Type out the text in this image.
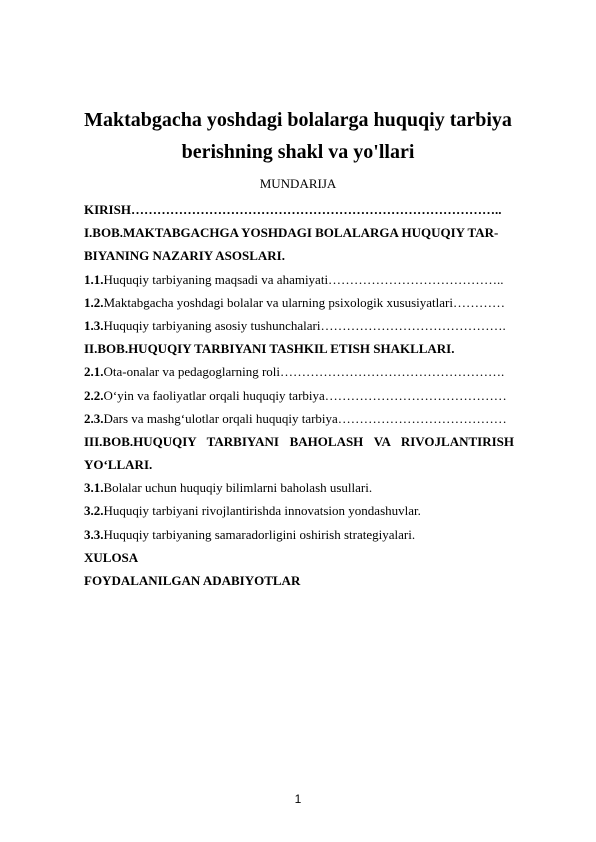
Maktabgacha yoshdagi bolalarga huquqiy tarbiya
berishning shakl va yo'llari
MUNDARIJA
KIRISH…………………………………………………………………………..
I.BOB.MAKTABGACHGA YOSHDAGI BOLALARGA HUQUQIY TAR-
BIYANING NAZARIY ASOSLARI.
1.1.Huquqiy tarbiyaning maqsadi va ahamiyati…………………………………..
1.2.Maktabgacha yoshdagi bolalar va ularning psixologik xususiyatlari…………
1.3.Huquqiy tarbiyaning asosiy tushunchalari…………………………………….
II.BOB.HUQUQIY TARBIYANI TASHKIL ETISH SHAKLLARI.
2.1.Ota-onalar va pedagoglarning roli…………………………………………….
2.2.O‘yin va faoliyatlar orqali huquqiy tarbiya……………………………………
2.3.Dars va mashg‘ulotlar orqali huquqiy tarbiya…………………………………
III.BOB.HUQUQIY TARBIYANI BAHOLASH VA RIVOJLANTIRISH
YO‘LLARI.
3.1.Bolalar uchun huquqiy bilimlarni baholash usullari.
3.2.Huquqiy tarbiyani rivojlantirishda innovatsion yondashuvlar.
3.3.Huquqiy tarbiyaning samaradorligini oshirish strategiyalari.
XULOSA
FOYDALANILGAN ADABIYOTLAR
1
